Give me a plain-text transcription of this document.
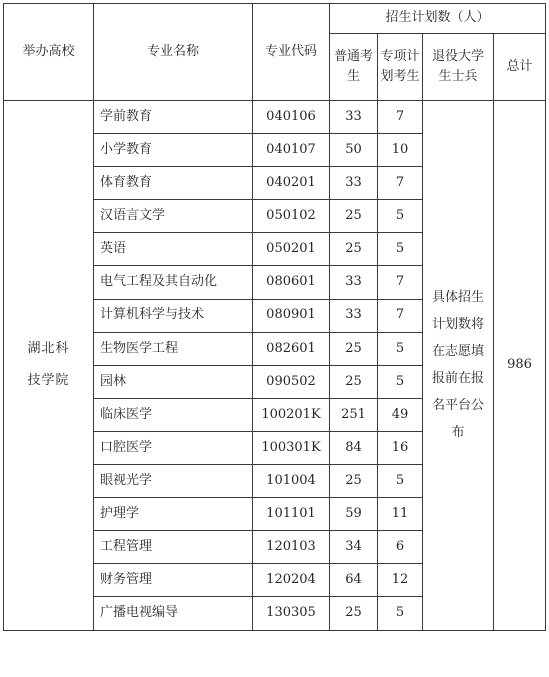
举办高校	专业名称	专业代码	招生计划数（人）			
			普通考生	专项计划考生	退役大学生士兵	总计
湖北科技学院	学前教育	040106	33	7	具体招生计划数将在志愿填报前在报名平台公布	986
	小学教育	040107	50	10		
	体育教育	040201	33	7		
	汉语言文学	050102	25	5		
	英语	050201	25	5		
	电气工程及其自动化	080601	33	7		
	计算机科学与技术	080901	33	7		
	生物医学工程	082601	25	5		
	园林	090502	25	5		
	临床医学	100201K	251	49		
	口腔医学	100301K	84	16		
	眼视光学	101004	25	5		
	护理学	101101	59	11		
	工程管理	120103	34	6		
	财务管理	120204	64	12		
	广播电视编导	130305	25	5		
